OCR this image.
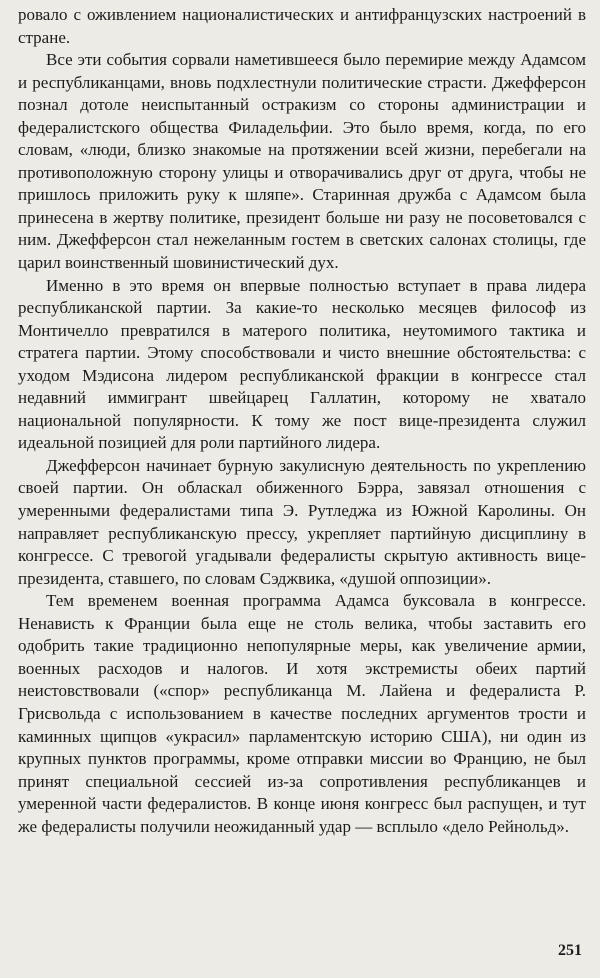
ровало с оживлением националистических и антифранцузских настроений в стране.

Все эти события сорвали наметившееся было перемирие между Адамсом и республиканцами, вновь подхлестнули политические страсти. Джефферсон познал дотоле неиспытанный остракизм со стороны администрации и федералистского общества Филадельфии. Это было время, когда, по его словам, «люди, близко знакомые на протяжении всей жизни, перебегали на противоположную сторону улицы и отворачивались друг от друга, чтобы не пришлось приложить руку к шляпе». Старинная дружба с Адамсом была принесена в жертву политике, президент больше ни разу не посоветовался с ним. Джефферсон стал нежеланным гостем в светских салонах столицы, где царил воинственный шовинистический дух.

Именно в это время он впервые полностью вступает в права лидера республиканской партии. За какие-то несколько месяцев философ из Монтичелло превратился в матерого политика, неутомимого тактика и стратега партии. Этому способствовали и чисто внешние обстоятельства: с уходом Мэдисона лидером республиканской фракции в конгрессе стал недавний иммигрант швейцарец Галлатин, которому не хватало национальной популярности. К тому же пост вице-президента служил идеальной позицией для роли партийного лидера.

Джефферсон начинает бурную закулисную деятельность по укреплению своей партии. Он обласкал обиженного Бэрра, завязал отношения с умеренными федералистами типа Э. Рутледжа из Южной Каролины. Он направляет республиканскую прессу, укрепляет партийную дисциплину в конгрессе. С тревогой угадывали федералисты скрытую активность вице-президента, ставшего, по словам Сэджвика, «душой оппозиции».

Тем временем военная программа Адамса буксовала в конгрессе. Ненависть к Франции была еще не столь велика, чтобы заставить его одобрить такие традиционно непопулярные меры, как увеличение армии, военных расходов и налогов. И хотя экстремисты обеих партий неистовствовали («спор» республиканца М. Лайена и федералиста Р. Грисвольда с использованием в качестве последних аргументов трости и каминных щипцов «украсил» парламентскую историю США), ни один из крупных пунктов программы, кроме отправки миссии во Францию, не был принят специальной сессией из-за сопротивления республиканцев и умеренной части федералистов. В конце июня конгресс был распущен, и тут же федералисты получили неожиданный удар — всплыло «дело Рейнольд».

251
